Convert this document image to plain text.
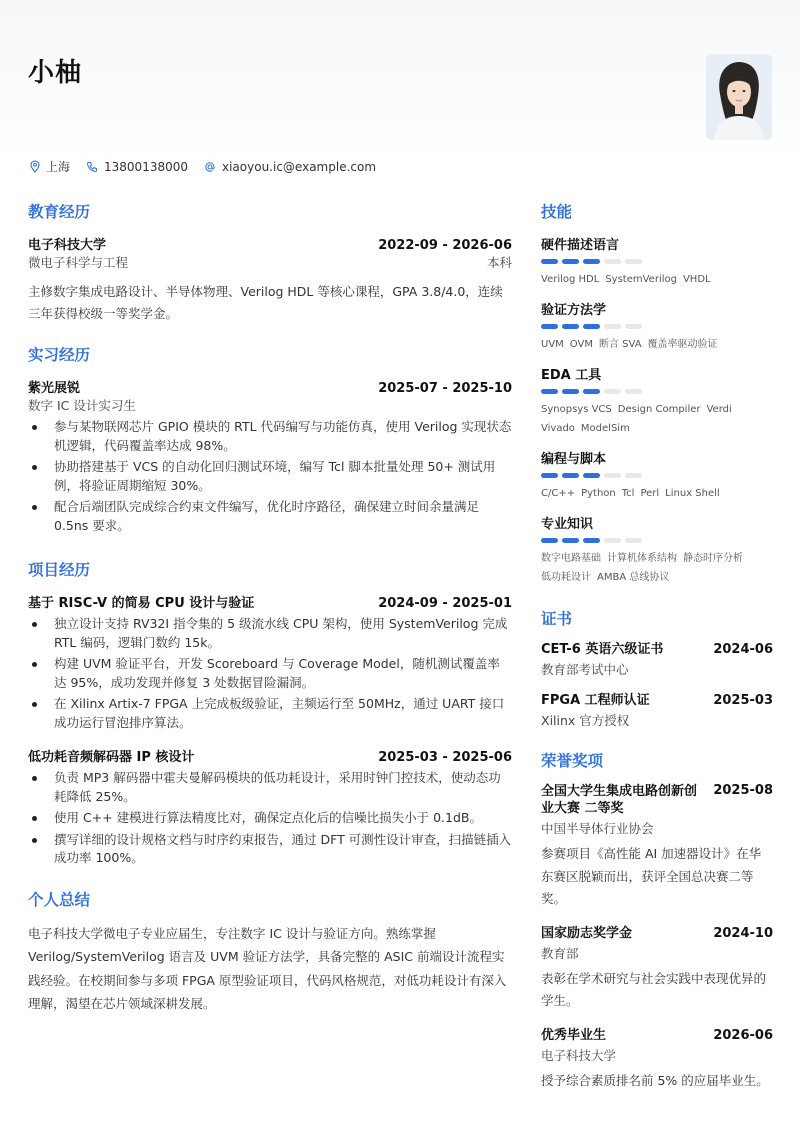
小柚
上海	13800138000	xiaoyou.ic@example.com
教育经历
电子科技大学	2022-09 - 2026-06
微电子科学与工程	本科

主修数字集成电路设计、半导体物理、Verilog HDL 等核心课程，GPA 3.8/4.0，连续三年获得校级一等奖学金。

实习经历
紫光展锐	2025-07 - 2025-10
数字 IC 设计实习生
参与某物联网芯片 GPIO 模块的 RTL 代码编写与功能仿真，使用 Verilog 实现状态机逻辑，代码覆盖率达成 98%。
协助搭建基于 VCS 的自动化回归测试环境，编写 Tcl 脚本批量处理 50+ 测试用例，将验证周期缩短 30%。
配合后端团队完成综合约束文件编写，优化时序路径，确保建立时间余量满足 0.5ns 要求。
项目经历
基于 RISC-V 的简易 CPU 设计与验证	2024-09 - 2025-01
独立设计支持 RV32I 指令集的 5 级流水线 CPU 架构，使用 SystemVerilog 完成 RTL 编码，逻辑门数约 15k。
构建 UVM 验证平台，开发 Scoreboard 与 Coverage Model，随机测试覆盖率达 95%，成功发现并修复 3 处数据冒险漏洞。
在 Xilinx Artix-7 FPGA 上完成板级验证，主频运行至 50MHz，通过 UART 接口成功运行冒泡排序算法。
低功耗音频解码器 IP 核设计	2025-03 - 2025-06
负责 MP3 解码器中霍夫曼解码模块的低功耗设计，采用时钟门控技术，使动态功耗降低 25%。
使用 C++ 建模进行算法精度比对，确保定点化后的信噪比损失小于 0.1dB。
撰写详细的设计规格文档与时序约束报告，通过 DFT 可测性设计审查，扫描链插入成功率 100%。
个人总结

电子科技大学微电子专业应届生，专注数字 IC 设计与验证方向。熟练掌握 Verilog/SystemVerilog 语言及 UVM 验证方法学，具备完整的 ASIC 前端设计流程实践经验。在校期间参与多项 FPGA 原型验证项目，代码风格规范，对低功耗设计有深入理解，渴望在芯片领域深耕发展。

技能
硬件描述语言
Verilog HDL SystemVerilog VHDL
验证方法学
UVM OVM 断言 SVA 覆盖率驱动验证
EDA 工具
Synopsys VCS Design Compiler VerdiVivado ModelSim
编程与脚本
C/C++ Python Tcl Perl Linux Shell
专业知识
数字电路基础 计算机体系结构 静态时序分析低功耗设计 AMBA 总线协议
证书
CET-6 英语六级证书	2024-06
教育部考试中心
FPGA 工程师认证	2025-03
Xilinx 官方授权
荣誉奖项
全国大学生集成电路创新创业大赛 二等奖
2025-08
中国半导体行业协会
参赛项目《高性能 AI 加速器设计》在华东赛区脱颖而出，获评全国总决赛二等奖。
国家励志奖学金	2024-10
教育部
表彰在学术研究与社会实践中表现优异的学生。
优秀毕业生	2026-06
电子科技大学
授予综合素质排名前 5% 的应届毕业生。
